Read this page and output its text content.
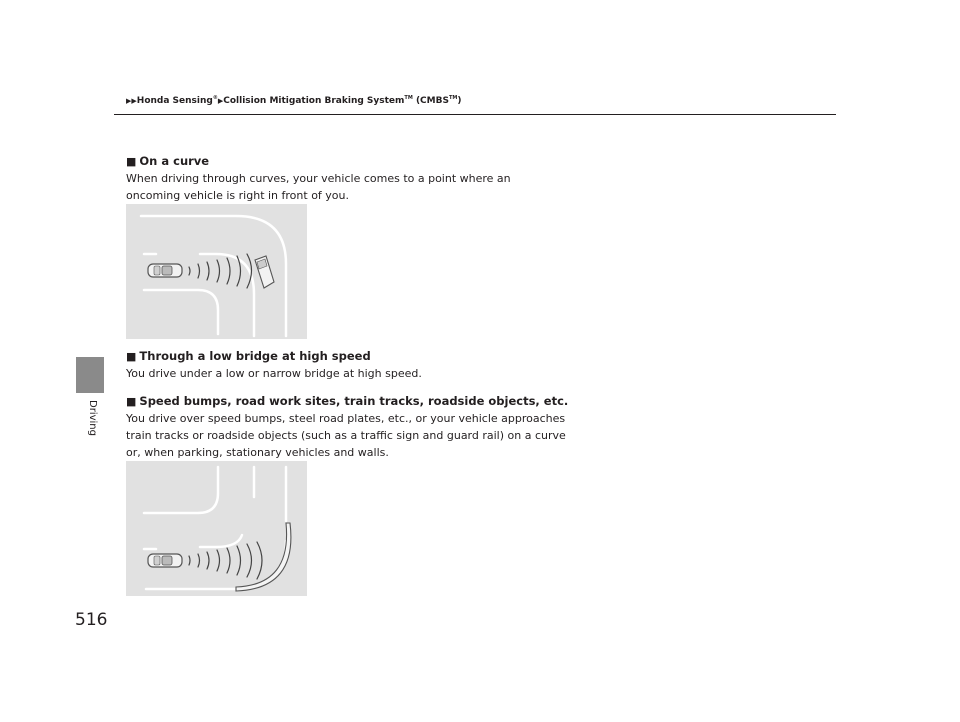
▶▶Honda Sensing®▶Collision Mitigation Braking System™ (CMBS™)
Driving
516
■ On a curve

When driving through curves, your vehicle comes to a point where an oncoming vehicle is right in front of you.

■ Through a low bridge at high speed

You drive under a low or narrow bridge at high speed.

■ Speed bumps, road work sites, train tracks, roadside objects, etc.

You drive over speed bumps, steel road plates, etc., or your vehicle approaches train tracks or roadside objects (such as a traffic sign and guard rail) on a curve or, when parking, stationary vehicles and walls.
